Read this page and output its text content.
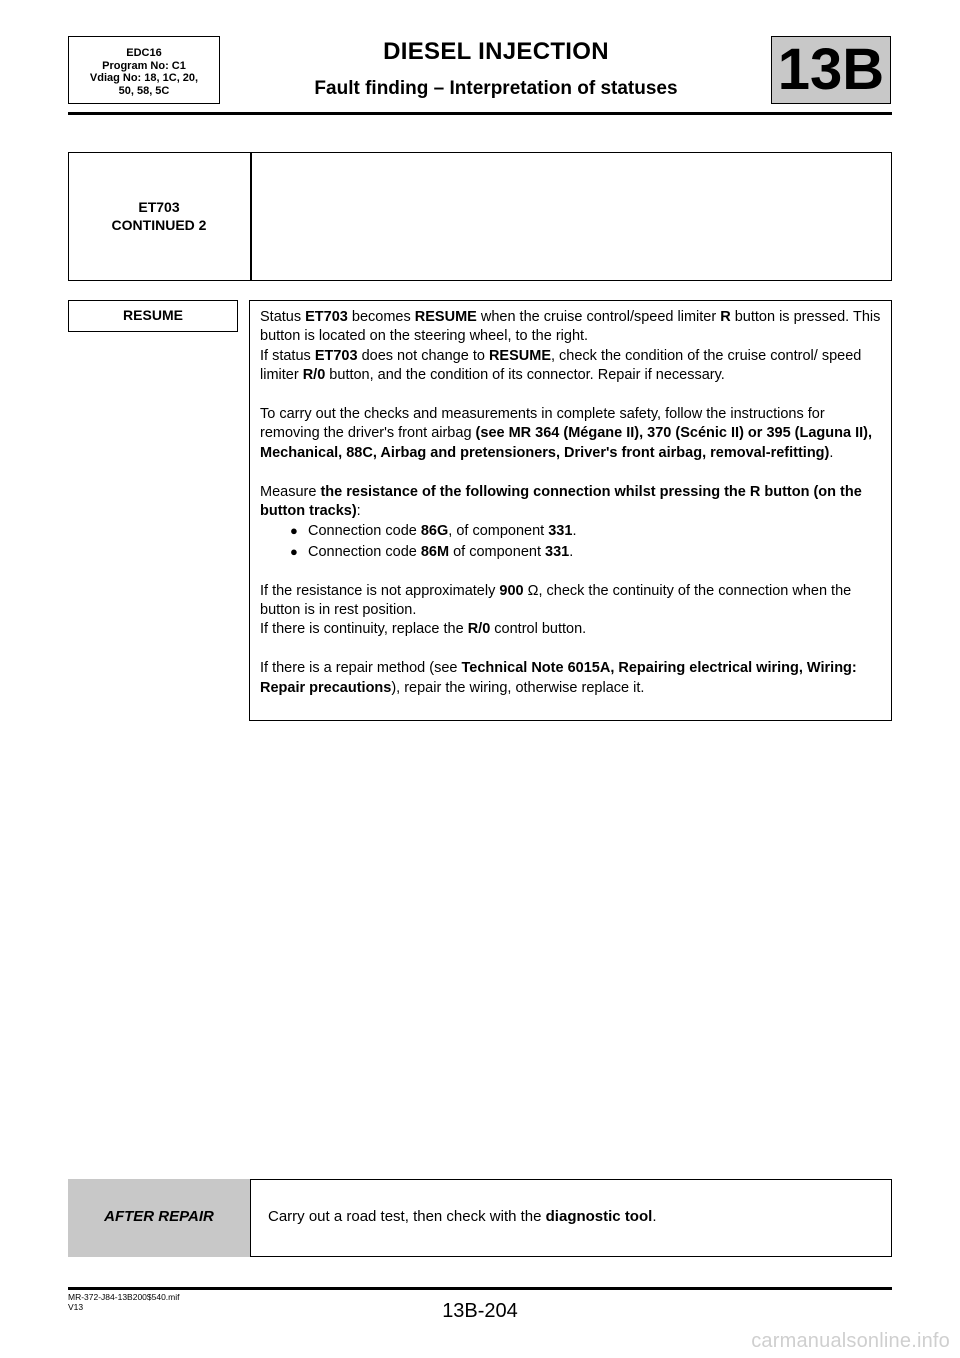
EDC16
Program No: C1
Vdiag No: 18, 1C, 20,
50, 58, 5C
DIESEL INJECTION
Fault finding – Interpretation of statuses	13B
ET703
CONTINUED 2
RESUME	Status ET703 becomes RESUME when the cruise control/speed limiter R button is pressed. This button is located on the steering wheel, to the right.

If status ET703 does not change to RESUME, check the condition of the cruise control/ speed limiter R/0 button, and the condition of its connector. Repair if necessary.

To carry out the checks and measurements in complete safety, follow the instructions for removing the driver's front airbag (see MR 364 (Mégane II), 370 (Scénic II) or 395 (Laguna II), Mechanical, 88C, Airbag and pretensioners, Driver's front airbag, removal-refitting).

Measure the resistance of the following connection whilst pressing the R button (on the button tracks):

● Connection code 86G, of component 331.
● Connection code 86M of component 331.

If the resistance is not approximately 900 Ω, check the continuity of the connection when the button is in rest position.

If there is continuity, replace the R/0 control button.

If there is a repair method (see Technical Note 6015A, Repairing electrical wiring, Wiring: Repair precautions), repair the wiring, otherwise replace it.

AFTER REPAIR	Carry out a road test, then check with the diagnostic tool.
MR-372-J84-13B200$540.mif
V13	13B-204
carmanualsonline.info
